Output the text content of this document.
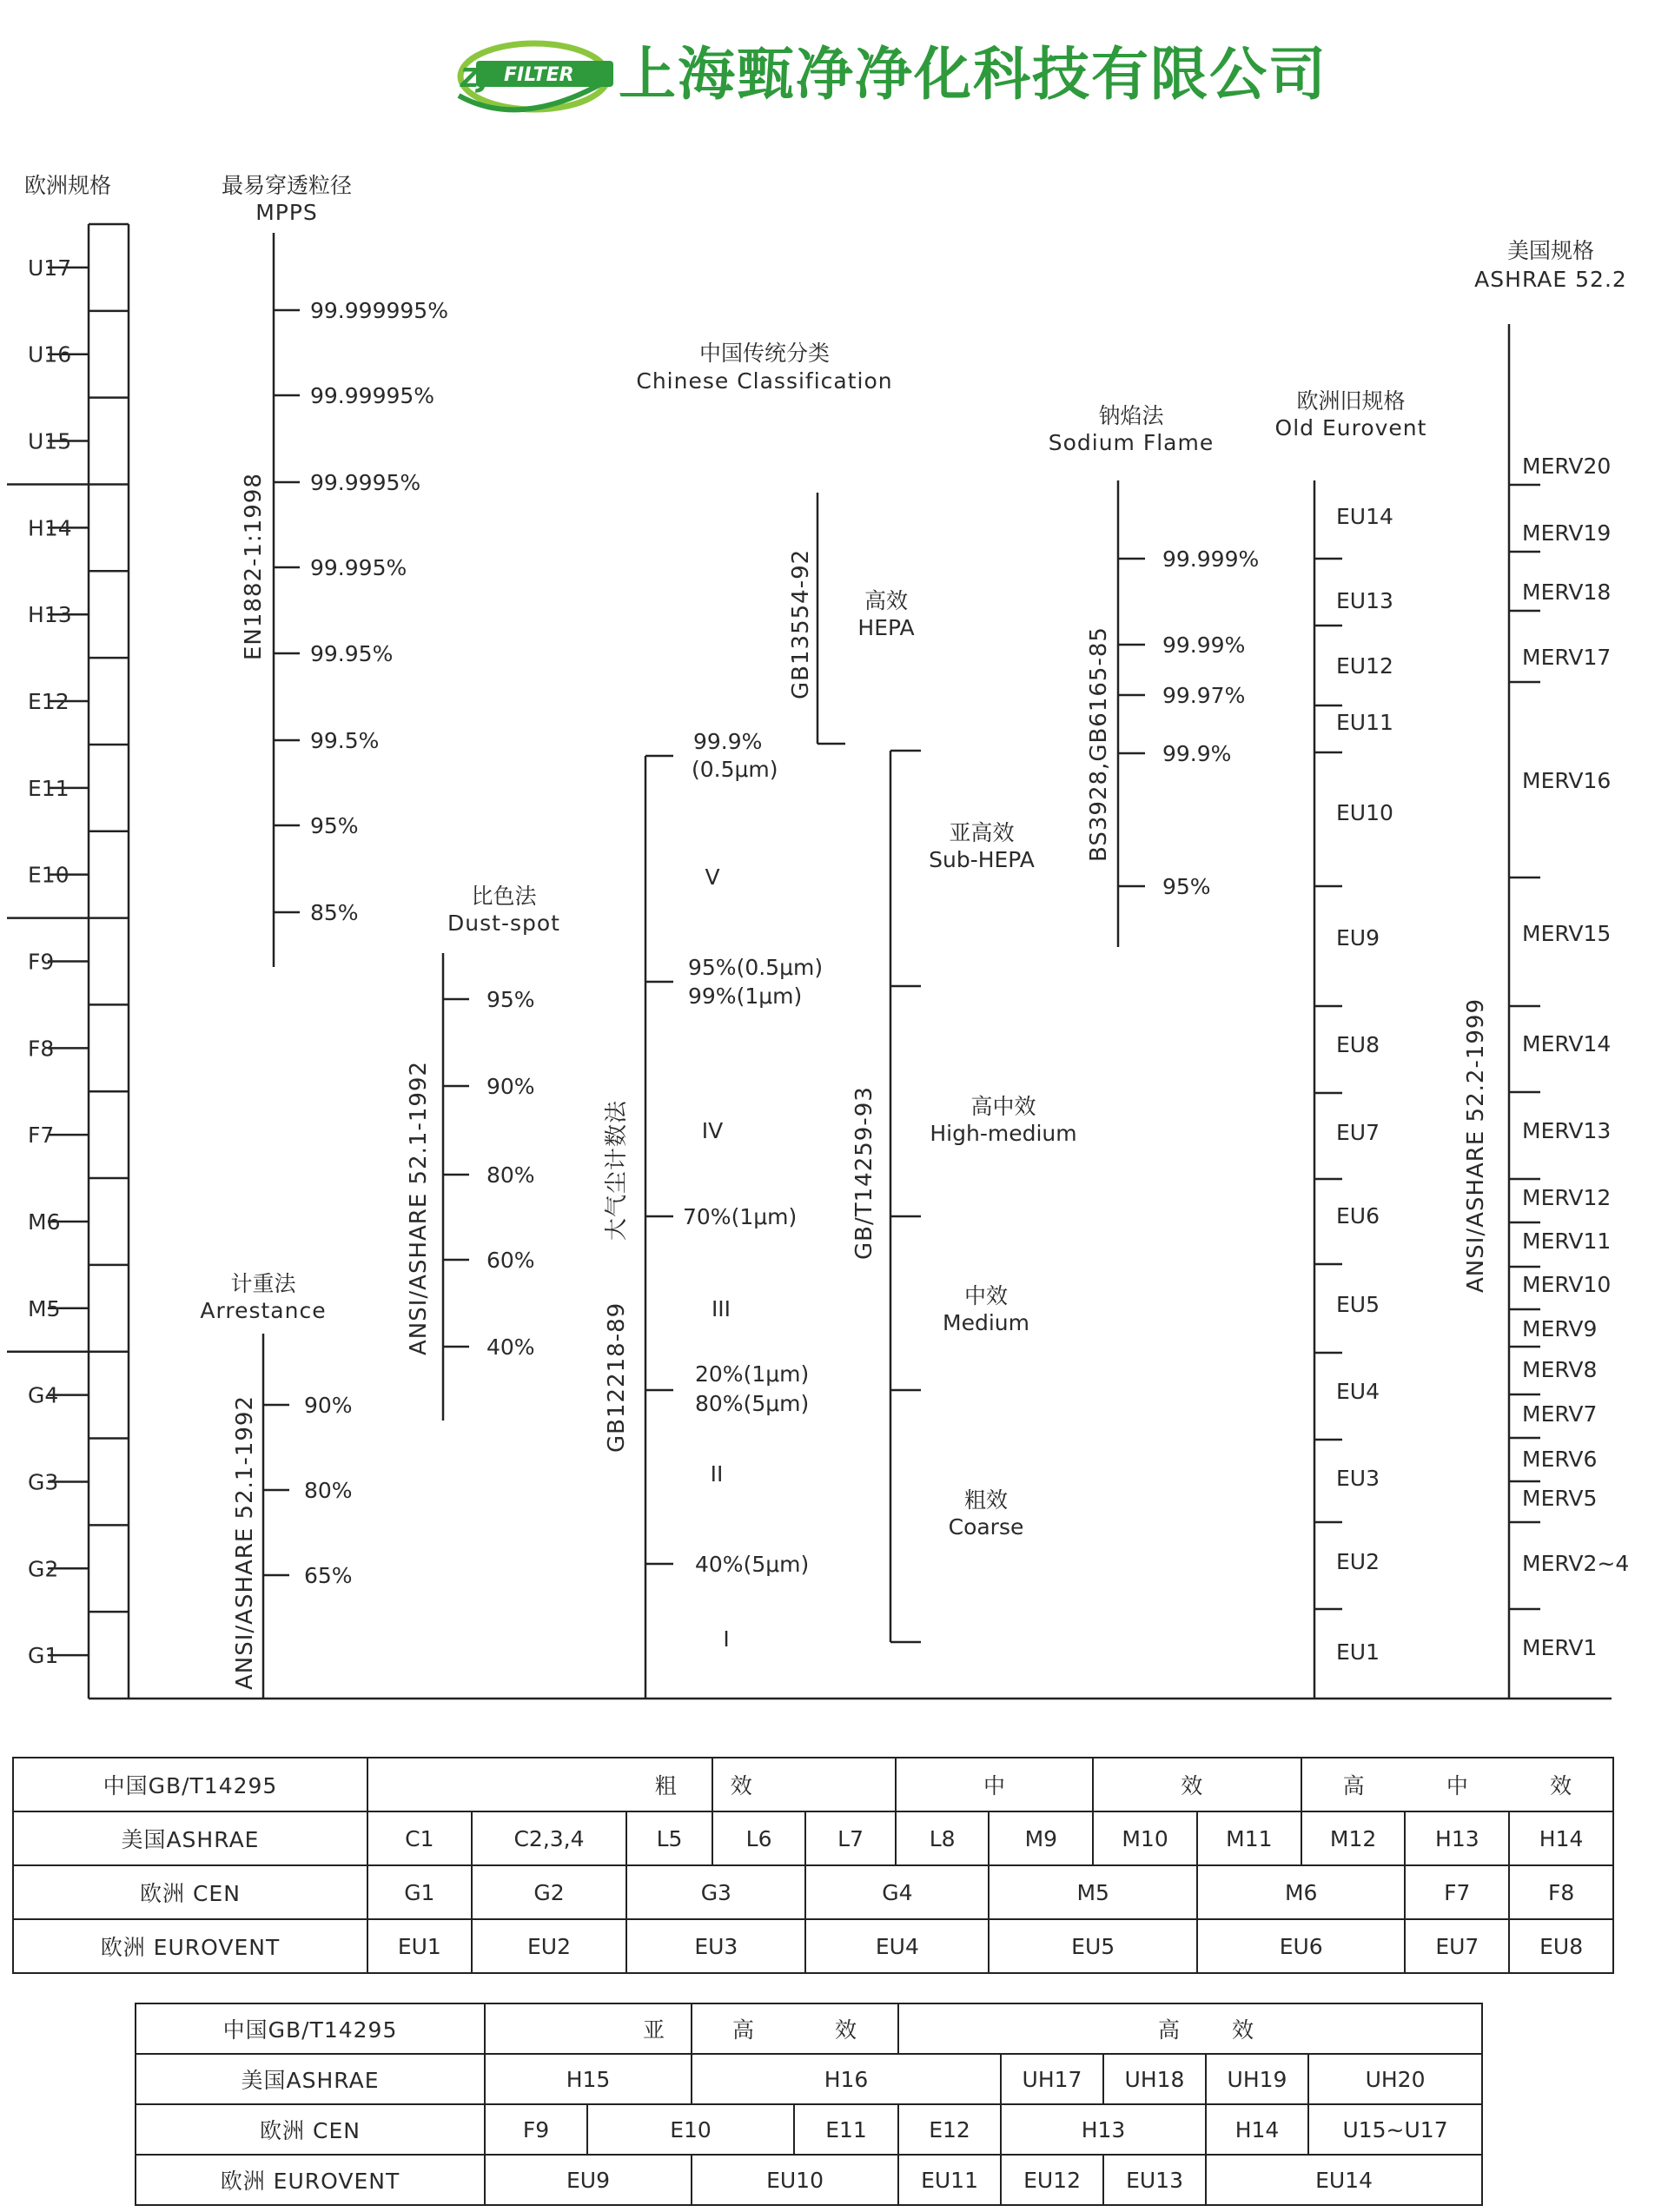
ZJ FILTER 上海甄净净化科技有限公司
欧洲规格
U17
U16
U15
H14
H13
E12
E11
E10
F9
F8
F7
M6
M5
G4
G3
G2
G1
最易穿透粒径
MPPS
EN1882-1:1998
99.999995%
99.99995%
99.9995%
99.995%
99.95%
99.5%
95%
85%
计重法
Arrestance
ANSI/ASHARE 52.1-1992 90%
80%
65%
比色法
Dust-spot
ANSI/ASHARE 52.1-1992
95%
90%
80%
60%
40%
大气尘计数法
GB12218-89
99.9%
(0.5μm)
95%(0.5μm)
99%(1μm)
70%(1μm)
20%(1μm)
80%(5μm)
40%(5μm)
V
IV
III
II
I
中国传统分类
Chinese Classification
GB13554-92
GB/T14259-93
高效
HEPA
亚高效
Sub-HEPA
高中效
High-medium
中效
Medium
粗效
Coarse
钠焰法
Sodium Flame
BS3928,GB6165-85
99.999%
99.99%
99.97%
99.9%
95%
欧洲旧规格
Old Eurovent
EU14
EU13
EU12
EU11
EU10
EU9
EU8
EU7
EU6
EU5
EU4
EU3
EU2
EU1
美国规格
ASHRAE 52.2
ANSI/ASHARE 52.2-1999
MERV20
MERV19
MERV18
MERV17
MERV16
MERV15
MERV14
MERV13
MERV12
MERV11
MERV10
MERV9
MERV8
MERV7
MERV6
MERV5
MERV2~4
MERV1
中国GB/T14295	粗			效		中		效		高	中	效
美国ASHRAE	C1	C2,3,4	L5	L6	L7	L8	M9	M10	M11	M12	H13	H14
欧洲 CEN	G1	G2	G3		G4		M5		M6		F7	F8
欧洲 EUROVENT	EU1	EU2	EU3		EU4		EU5		EU6		EU7	EU8
中国GB/T14295	亚		高	效	高			效	
美国ASHRAE	H15		H16			UH17	UH18	UH19	UH20
欧洲 CEN	F9	E10		E11	E12	H13		H14	U15~U17
欧洲 EUROVENT	EU9		EU10		EU11	EU12	EU13	EU14	
